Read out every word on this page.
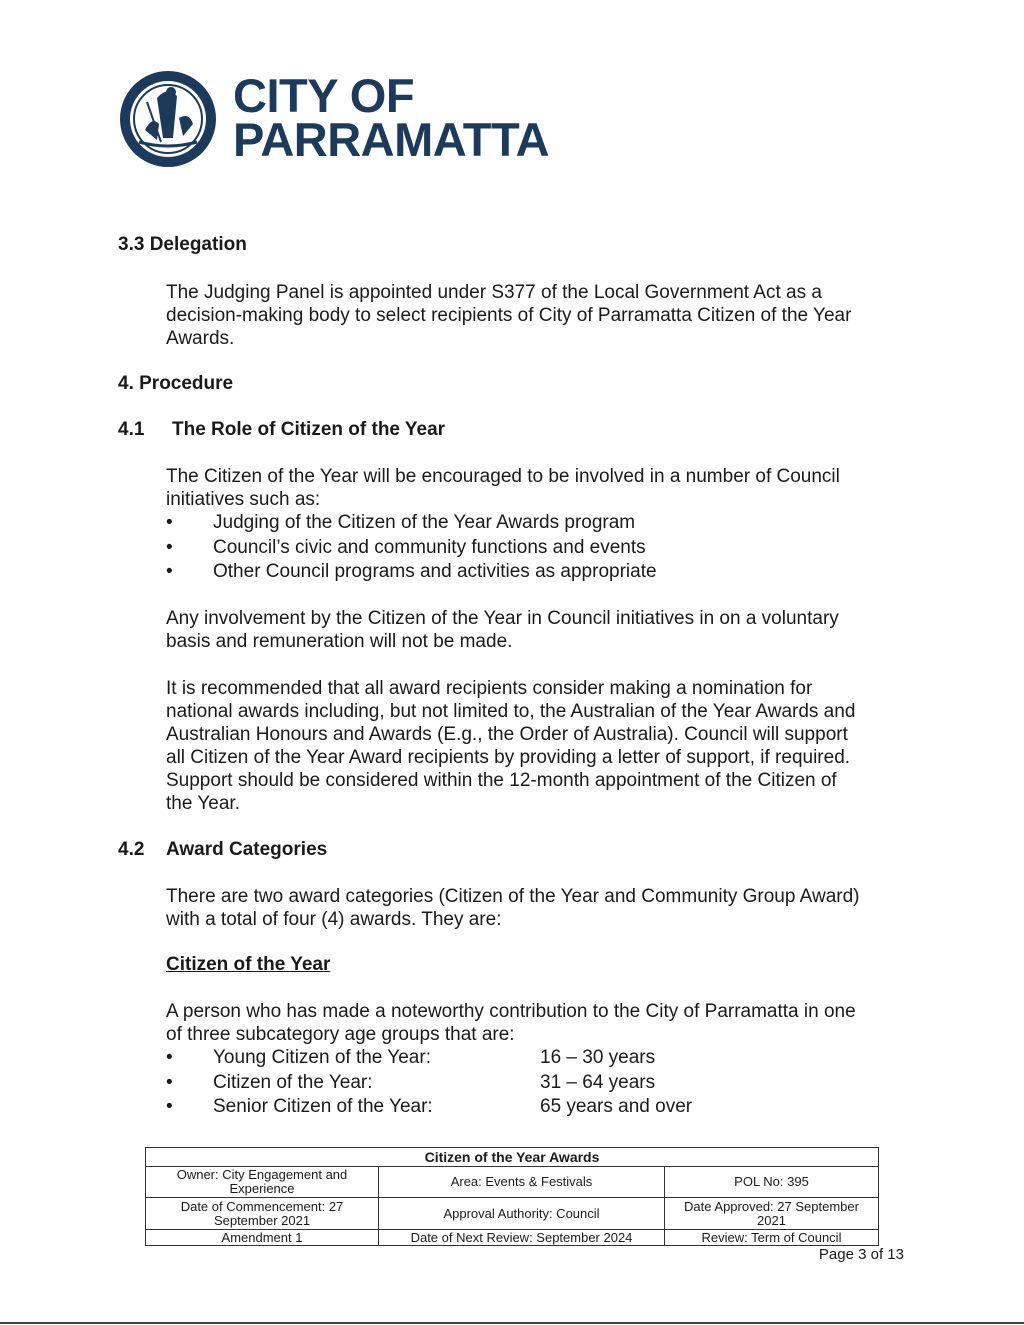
CITY OF
PARRAMATTA
3.3 Delegation
The Judging Panel is appointed under S377 of the Local Government Act as a
decision-making body to select recipients of City of Parramatta Citizen of the Year
Awards.
4. Procedure
4.1 The Role of Citizen of the Year
The Citizen of the Year will be encouraged to be involved in a number of Council
initiatives such as:
• Judging of the Citizen of the Year Awards program
• Council’s civic and community functions and events
• Other Council programs and activities as appropriate
Any involvement by the Citizen of the Year in Council initiatives in on a voluntary
basis and remuneration will not be made.
It is recommended that all award recipients consider making a nomination for
national awards including, but not limited to, the Australian of the Year Awards and
Australian Honours and Awards (E.g., the Order of Australia). Council will support
all Citizen of the Year Award recipients by providing a letter of support, if required.
Support should be considered within the 12-month appointment of the Citizen of
the Year.
4.2 Award Categories
There are two award categories (Citizen of the Year and Community Group Award)
with a total of four (4) awards. They are:
Citizen of the Year
A person who has made a noteworthy contribution to the City of Parramatta in one
of three subcategory age groups that are:
• Young Citizen of the Year:	16 – 30 years
• Citizen of the Year:	31 – 64 years
• Senior Citizen of the Year:	65 years and over
Citizen of the Year Awards		
Owner: City Engagement and Experience	Area: Events & Festivals	POL No: 395
Date of Commencement: 27 September 2021	Approval Authority: Council	Date Approved: 27 September 2021
Amendment 1	Date of Next Review: September 2024	Review: Term of Council
Page 3 of 13
